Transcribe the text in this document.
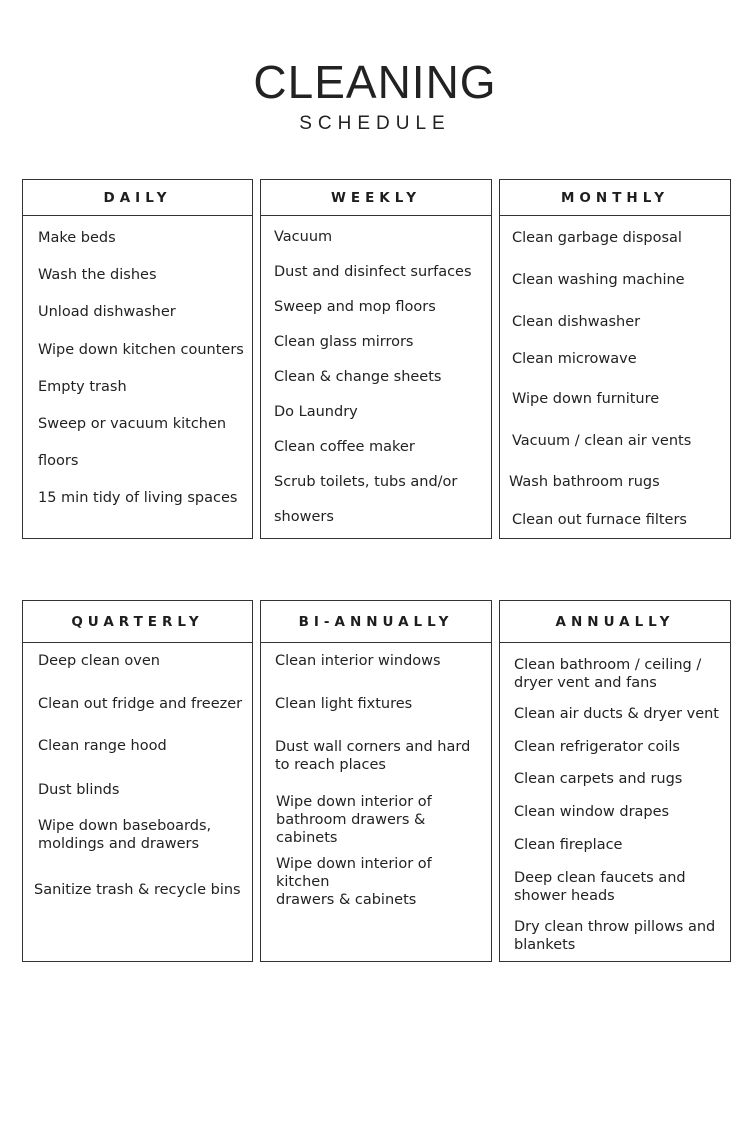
CLEANING
SCHEDULE
DAILY
Make beds
Wash the dishes
Unload dishwasher
Wipe down kitchen counters
Empty trash
Sweep or vacuum kitchen
floors
15 min tidy of living spaces
WEEKLY
Vacuum
Dust and disinfect surfaces
Sweep and mop floors
Clean glass mirrors
Clean & change sheets
Do Laundry
Clean coffee maker
Scrub toilets, tubs and/or
showers
MONTHLY
Clean garbage disposal
Clean washing machine
Clean dishwasher
Clean microwave
Wipe down furniture
Vacuum / clean air vents
Wash bathroom rugs
Clean out furnace filters
QUARTERLY
Deep clean oven
Clean out fridge and freezer
Clean range hood
Dust blinds
Wipe down baseboards,
moldings and drawers
Sanitize trash & recycle bins
BI-ANNUALLY
Clean interior windows
Clean light fixtures
Dust wall corners and hard
to reach places
Wipe down interior of
bathroom drawers & cabinets
Wipe down interior of kitchen
drawers & cabinets
ANNUALLY
Clean bathroom / ceiling /
dryer vent and fans
Clean air ducts & dryer vent
Clean refrigerator coils
Clean carpets and rugs
Clean window drapes
Clean fireplace
Deep clean faucets and
shower heads
Dry clean throw pillows and
blankets
